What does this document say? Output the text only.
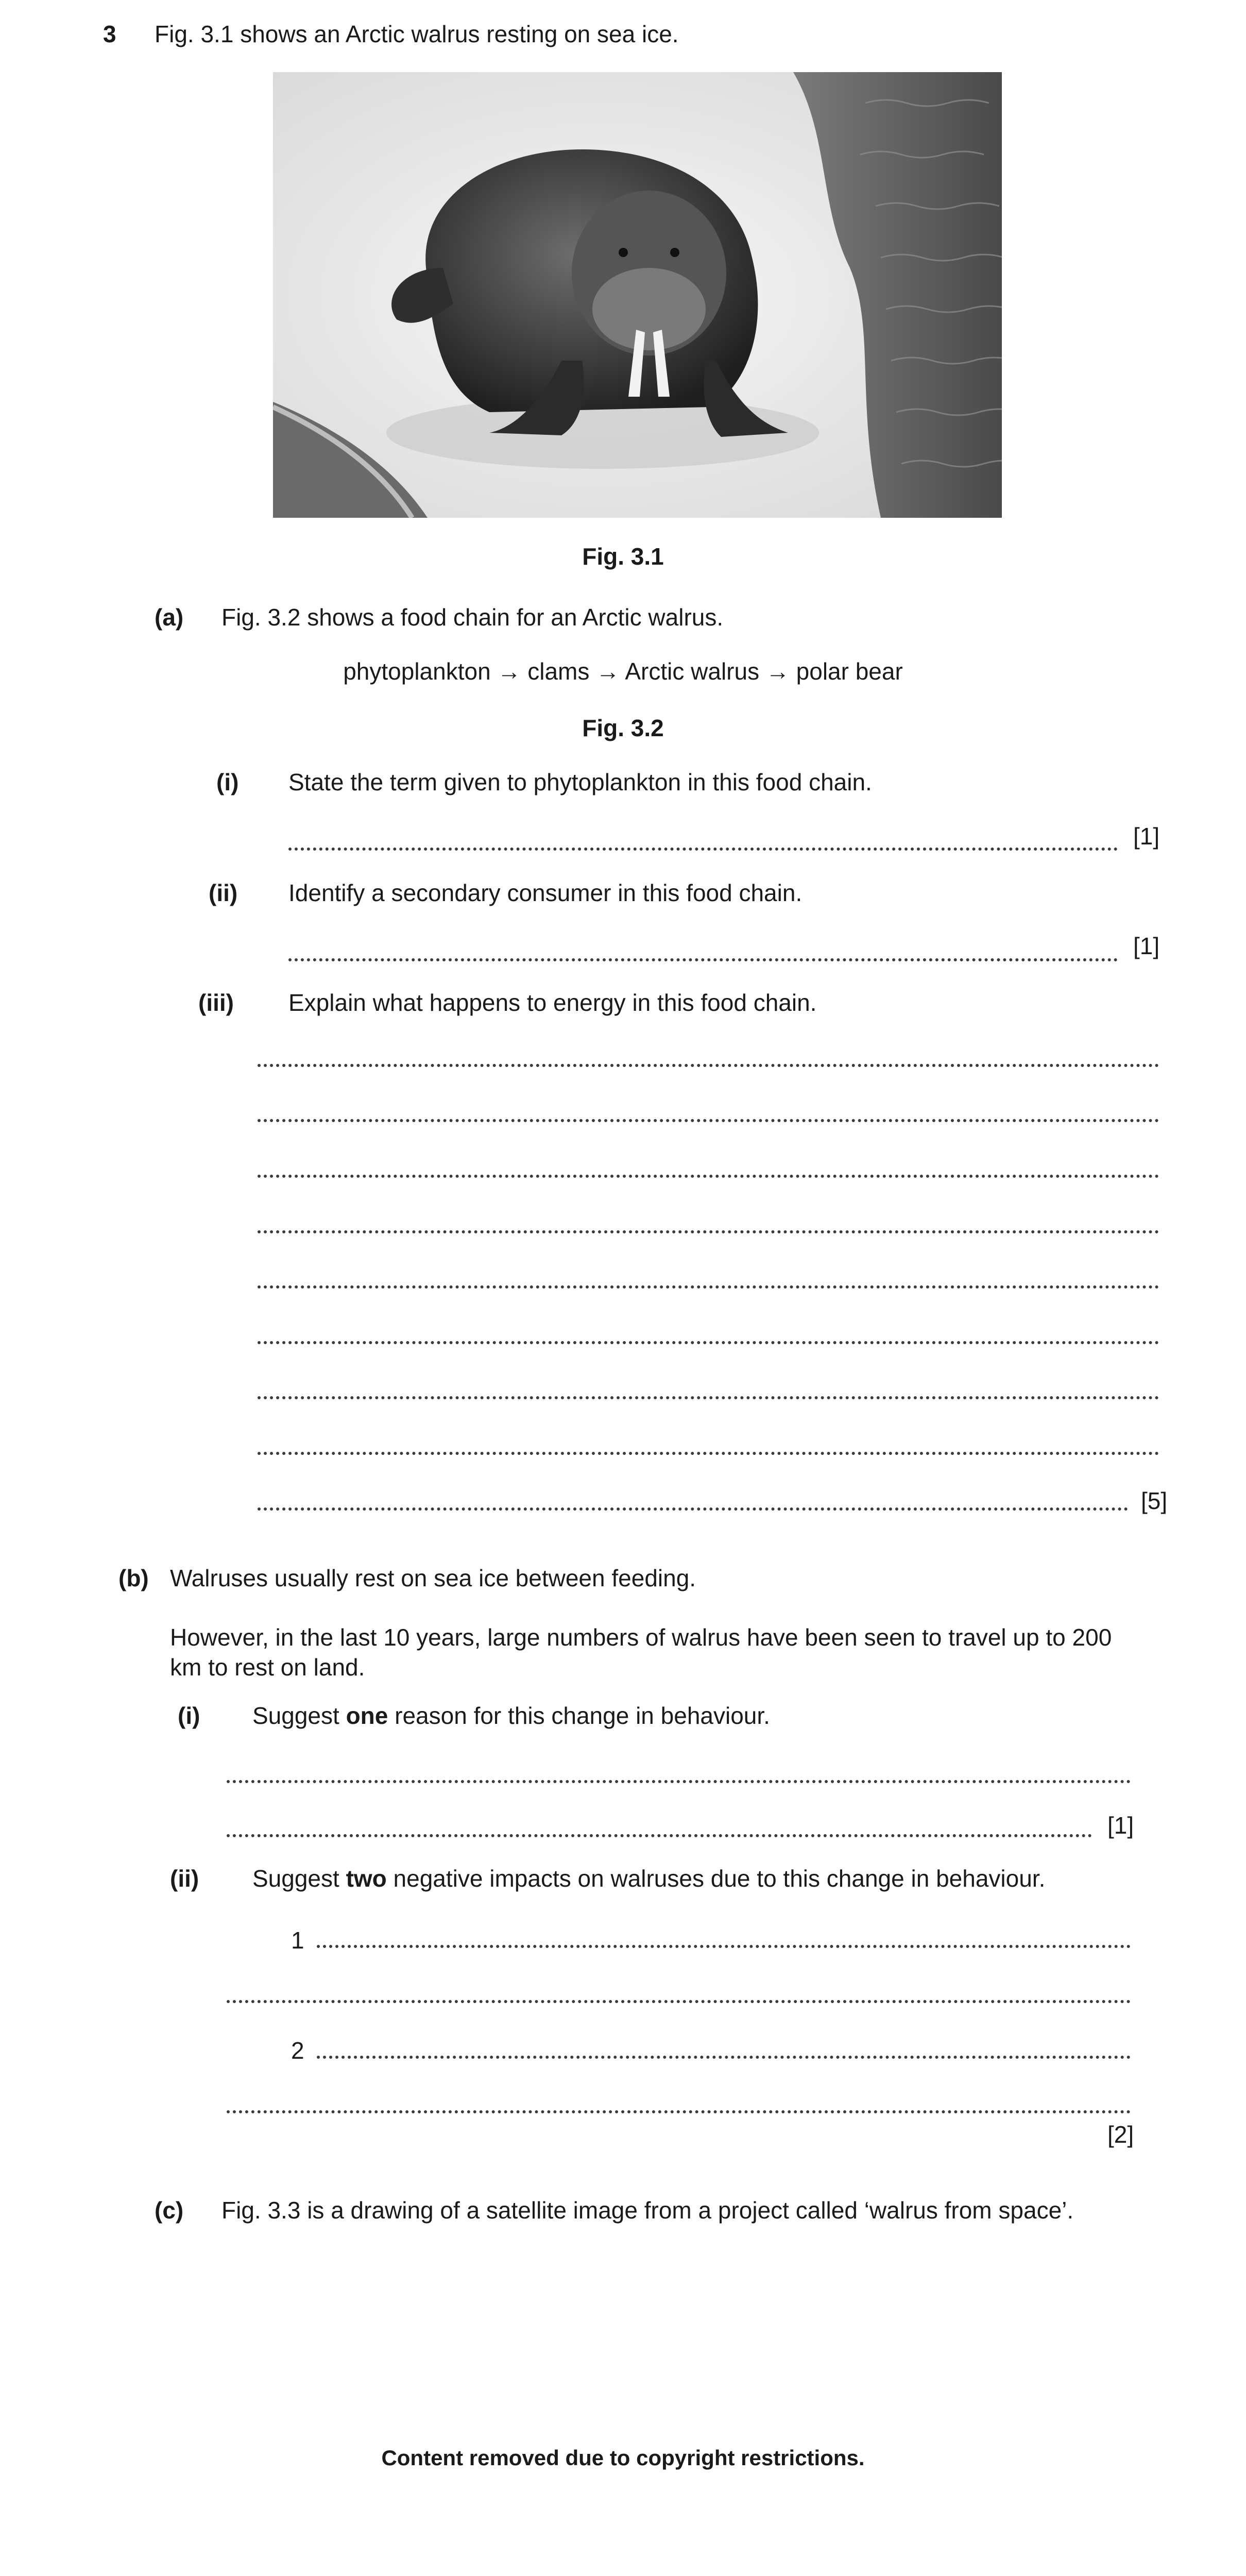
3 Fig. 3.1 shows an Arctic walrus resting on sea ice.
Fig. 3.1
(a) Fig. 3.2 shows a food chain for an Arctic walrus.
phytoplankton → clams → Arctic walrus → polar bear
Fig. 3.2
(i) State the term given to phytoplankton in this food chain.
[1]
(ii) Identify a secondary consumer in this food chain.
[1]
(iii) Explain what happens to energy in this food chain.
[5]
(b) Walruses usually rest on sea ice between feeding.
However, in the last 10 years, large numbers of walrus have been seen to travel up to 200 km to rest on land.
(i) Suggest one reason for this change in behaviour.
[1]
(ii) Suggest two negative impacts on walruses due to this change in behaviour.
1
2
[2]
(c) Fig. 3.3 is a drawing of a satellite image from a project called ‘walrus from space’.
Content removed due to copyright restrictions.
